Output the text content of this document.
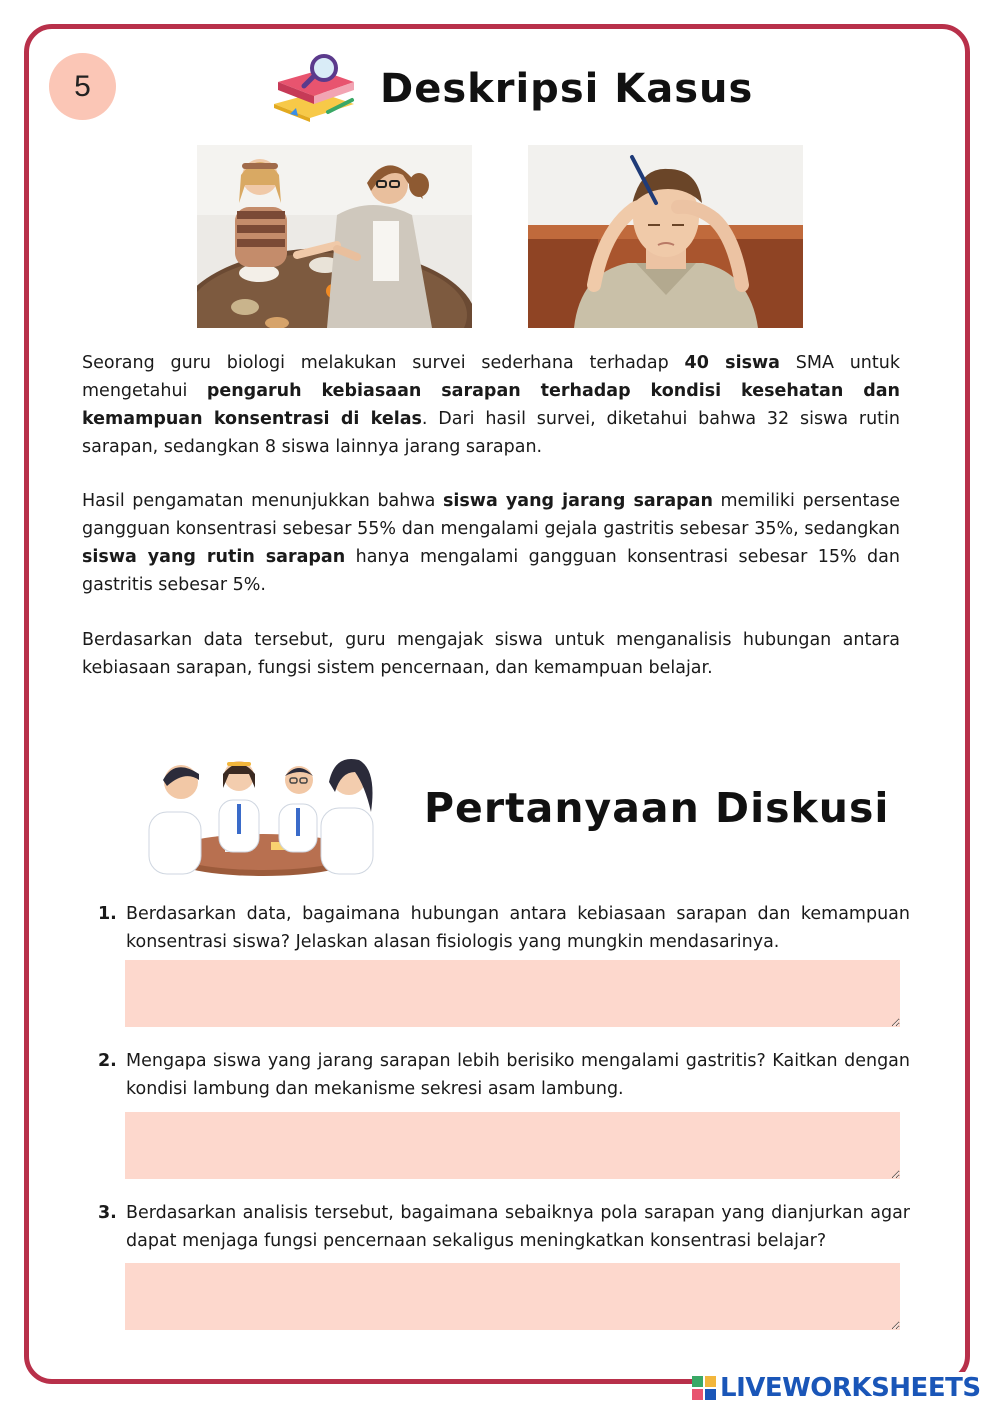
5	Deskripsi Kasus

Seorang guru biologi melakukan survei sederhana terhadap 40 siswa SMA untuk mengetahui pengaruh kebiasaan sarapan terhadap kondisi kesehatan dan kemampuan konsentrasi di kelas. Dari hasil survei, diketahui bahwa 32 siswa rutin sarapan, sedangkan 8 siswa lainnya jarang sarapan.

Hasil pengamatan menunjukkan bahwa siswa yang jarang sarapan memiliki persentase gangguan konsentrasi sebesar 55% dan mengalami gejala gastritis sebesar 35%, sedangkan siswa yang rutin sarapan hanya mengalami gangguan konsentrasi sebesar 15% dan gastritis sebesar 5%.

Berdasarkan data tersebut, guru mengajak siswa untuk menganalisis hubungan antara kebiasaan sarapan, fungsi sistem pencernaan, dan kemampuan belajar.

Pertanyaan Diskusi
1. Berdasarkan data, bagaimana hubungan antara kebiasaan sarapan dan kemampuan konsentrasi siswa? Jelaskan alasan fisiologis yang mungkin mendasarinya.

2. Mengapa siswa yang jarang sarapan lebih berisiko mengalami gastritis? Kaitkan dengan kondisi lambung dan mekanisme sekresi asam lambung.

3. Berdasarkan analisis tersebut, bagaimana sebaiknya pola sarapan yang dianjurkan agar dapat menjaga fungsi pencernaan sekaligus meningkatkan konsentrasi belajar?

LIVEWORKSHEETS
